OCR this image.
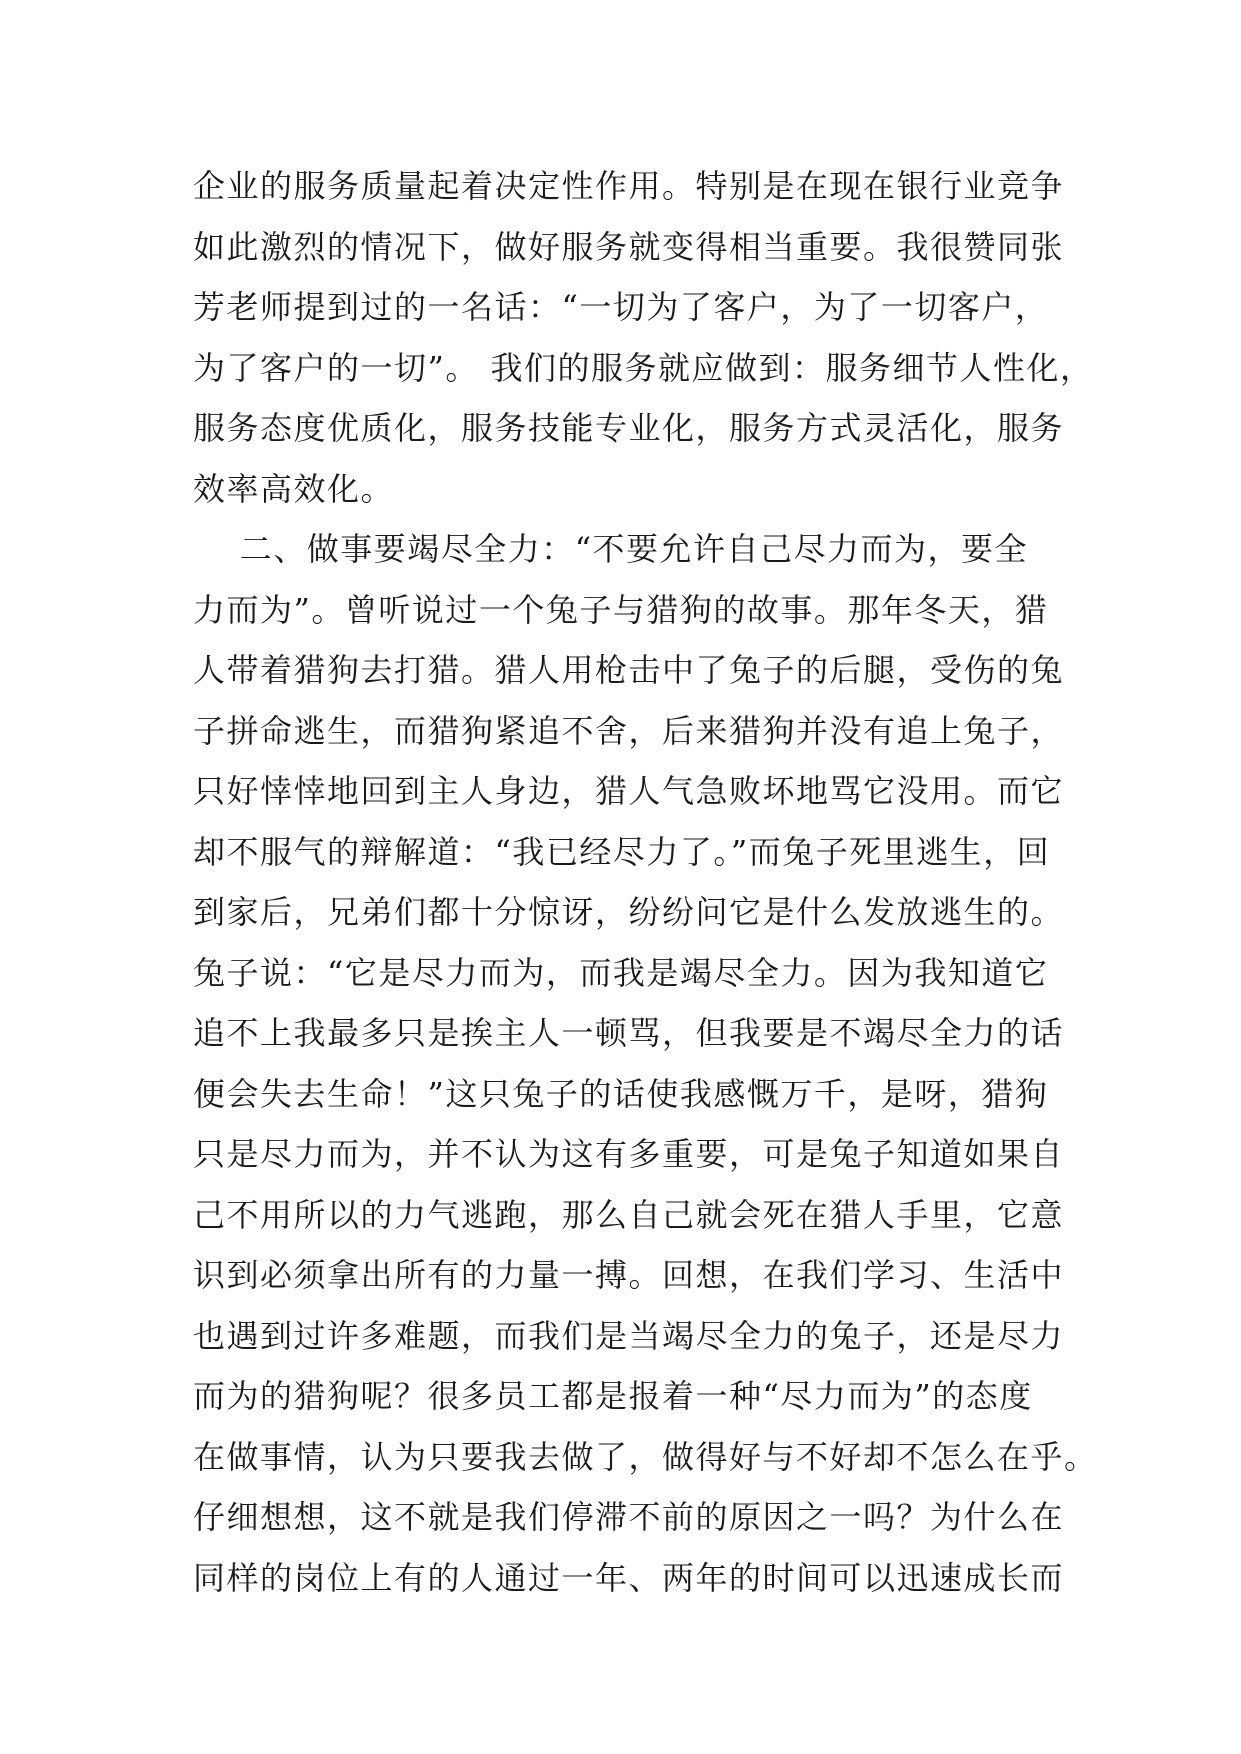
企业的服务质量起着决定性作用。特别是在现在银行业竞争
如此激烈的情况下，做好服务就变得相当重要。我很赞同张
芳老师提到过的一名话：“一切为了客户，为了一切客户，
为了客户的一切”。 我们的服务就应做到：服务细节人性化，
服务态度优质化，服务技能专业化，服务方式灵活化，服务
效率高效化。
二、做事要竭尽全力：“不要允许自己尽力而为，要全
力而为”。曾听说过一个兔子与猎狗的故事。那年冬天，猎
人带着猎狗去打猎。猎人用枪击中了兔子的后腿，受伤的兔
子拼命逃生，而猎狗紧追不舍，后来猎狗并没有追上兔子，
只好悻悻地回到主人身边，猎人气急败坏地骂它没用。而它
却不服气的辩解道：“我已经尽力了。”而兔子死里逃生，回
到家后，兄弟们都十分惊讶，纷纷问它是什么发放逃生的。
兔子说：“它是尽力而为，而我是竭尽全力。因为我知道它
追不上我最多只是挨主人一顿骂，但我要是不竭尽全力的话
便会失去生命！”这只兔子的话使我感慨万千，是呀，猎狗
只是尽力而为，并不认为这有多重要，可是兔子知道如果自
己不用所以的力气逃跑，那么自己就会死在猎人手里，它意
识到必须拿出所有的力量一搏。回想，在我们学习、生活中
也遇到过许多难题，而我们是当竭尽全力的兔子，还是尽力
而为的猎狗呢？很多员工都是报着一种“尽力而为”的态度
在做事情，认为只要我去做了，做得好与不好却不怎么在乎。
仔细想想，这不就是我们停滞不前的原因之一吗？为什么在
同样的岗位上有的人通过一年、两年的时间可以迅速成长而
